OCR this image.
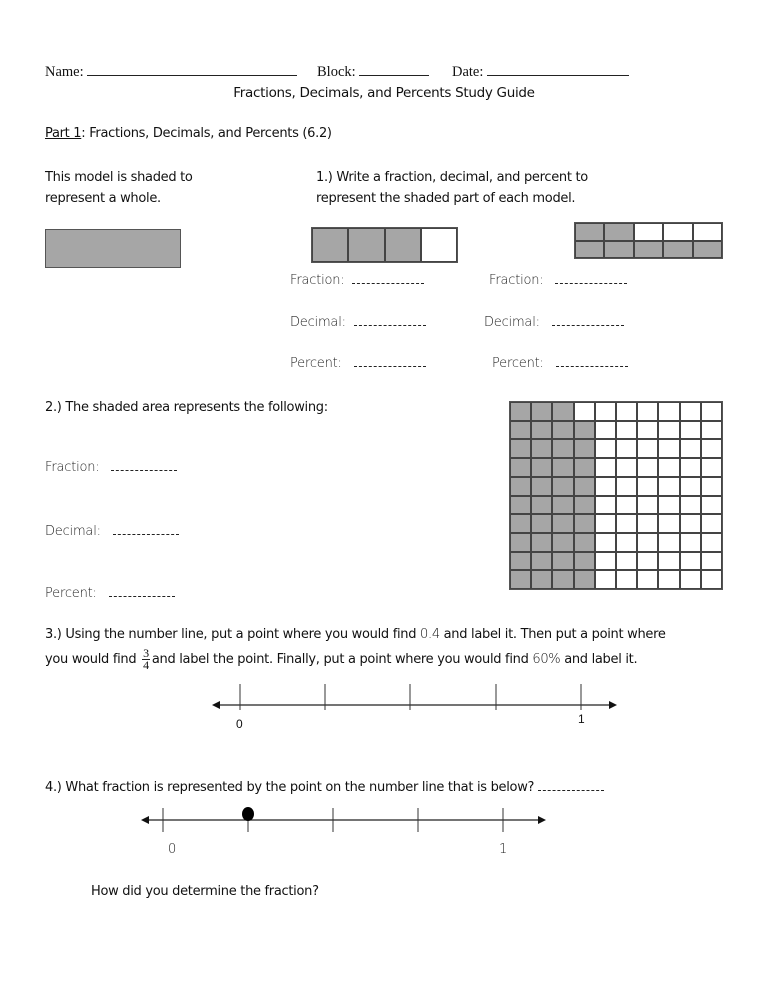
Name:	Block:	Date:
Fractions, Decimals, and Percents Study Guide
Part 1: Fractions, Decimals, and Percents (6.2)
This model is shaded to
represent a whole.
1.) Write a fraction, decimal, and percent to
represent the shaded part of each model.
Fraction:
Decimal:
Percent:
Fraction:
Decimal:
Percent:
2.) The shaded area represents the following:
Fraction:
Decimal:
Percent:
3.) Using the number line, put a point where you would find 0.4 and label it. Then put a point where
you would find $\frac{3}{4}$ and label the point. Finally, put a point where you would find 60% and label it.
0	1
4.) What fraction is represented by the point on the number line that is below?
0	1
How did you determine the fraction?
